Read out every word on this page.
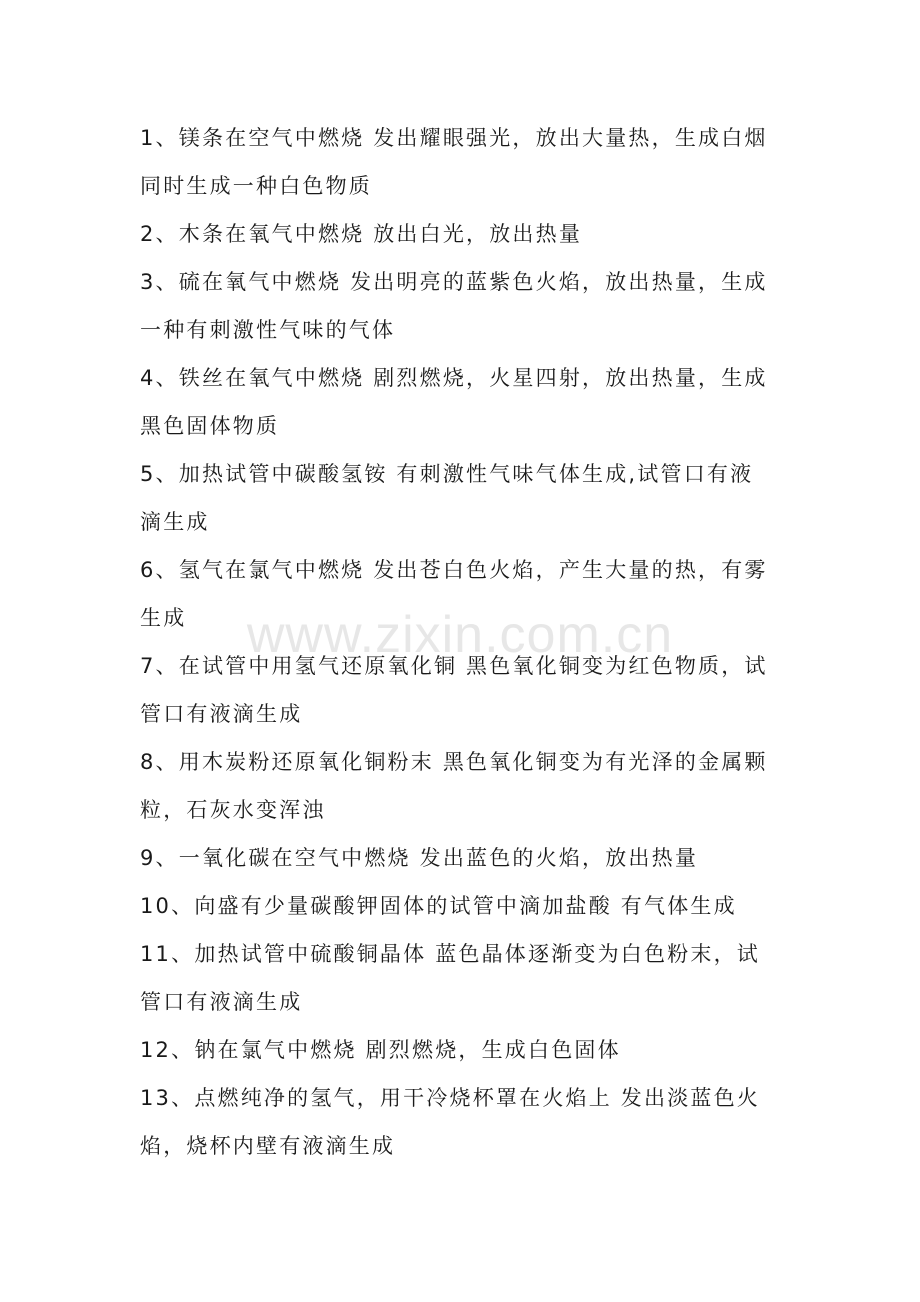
1、镁条在空气中燃烧 发出耀眼强光，放出大量热，生成白烟
同时生成一种白色物质
2、木条在氧气中燃烧 放出白光，放出热量
3、硫在氧气中燃烧 发出明亮的蓝紫色火焰，放出热量，生成
一种有刺激性气味的气体
4、铁丝在氧气中燃烧 剧烈燃烧，火星四射，放出热量，生成
黑色固体物质
5、加热试管中碳酸氢铵 有刺激性气味气体生成,试管口有液
滴生成
6、氢气在氯气中燃烧 发出苍白色火焰，产生大量的热，有雾
生成
7、在试管中用氢气还原氧化铜 黑色氧化铜变为红色物质，试
管口有液滴生成
8、用木炭粉还原氧化铜粉末 黑色氧化铜变为有光泽的金属颗
粒，石灰水变浑浊
9、一氧化碳在空气中燃烧 发出蓝色的火焰，放出热量
10、向盛有少量碳酸钾固体的试管中滴加盐酸 有气体生成
11、加热试管中硫酸铜晶体 蓝色晶体逐渐变为白色粉末，试
管口有液滴生成
12、钠在氯气中燃烧 剧烈燃烧，生成白色固体
13、点燃纯净的氢气，用干冷烧杯罩在火焰上 发出淡蓝色火
焰，烧杯内壁有液滴生成
www.zixin.com.cn
